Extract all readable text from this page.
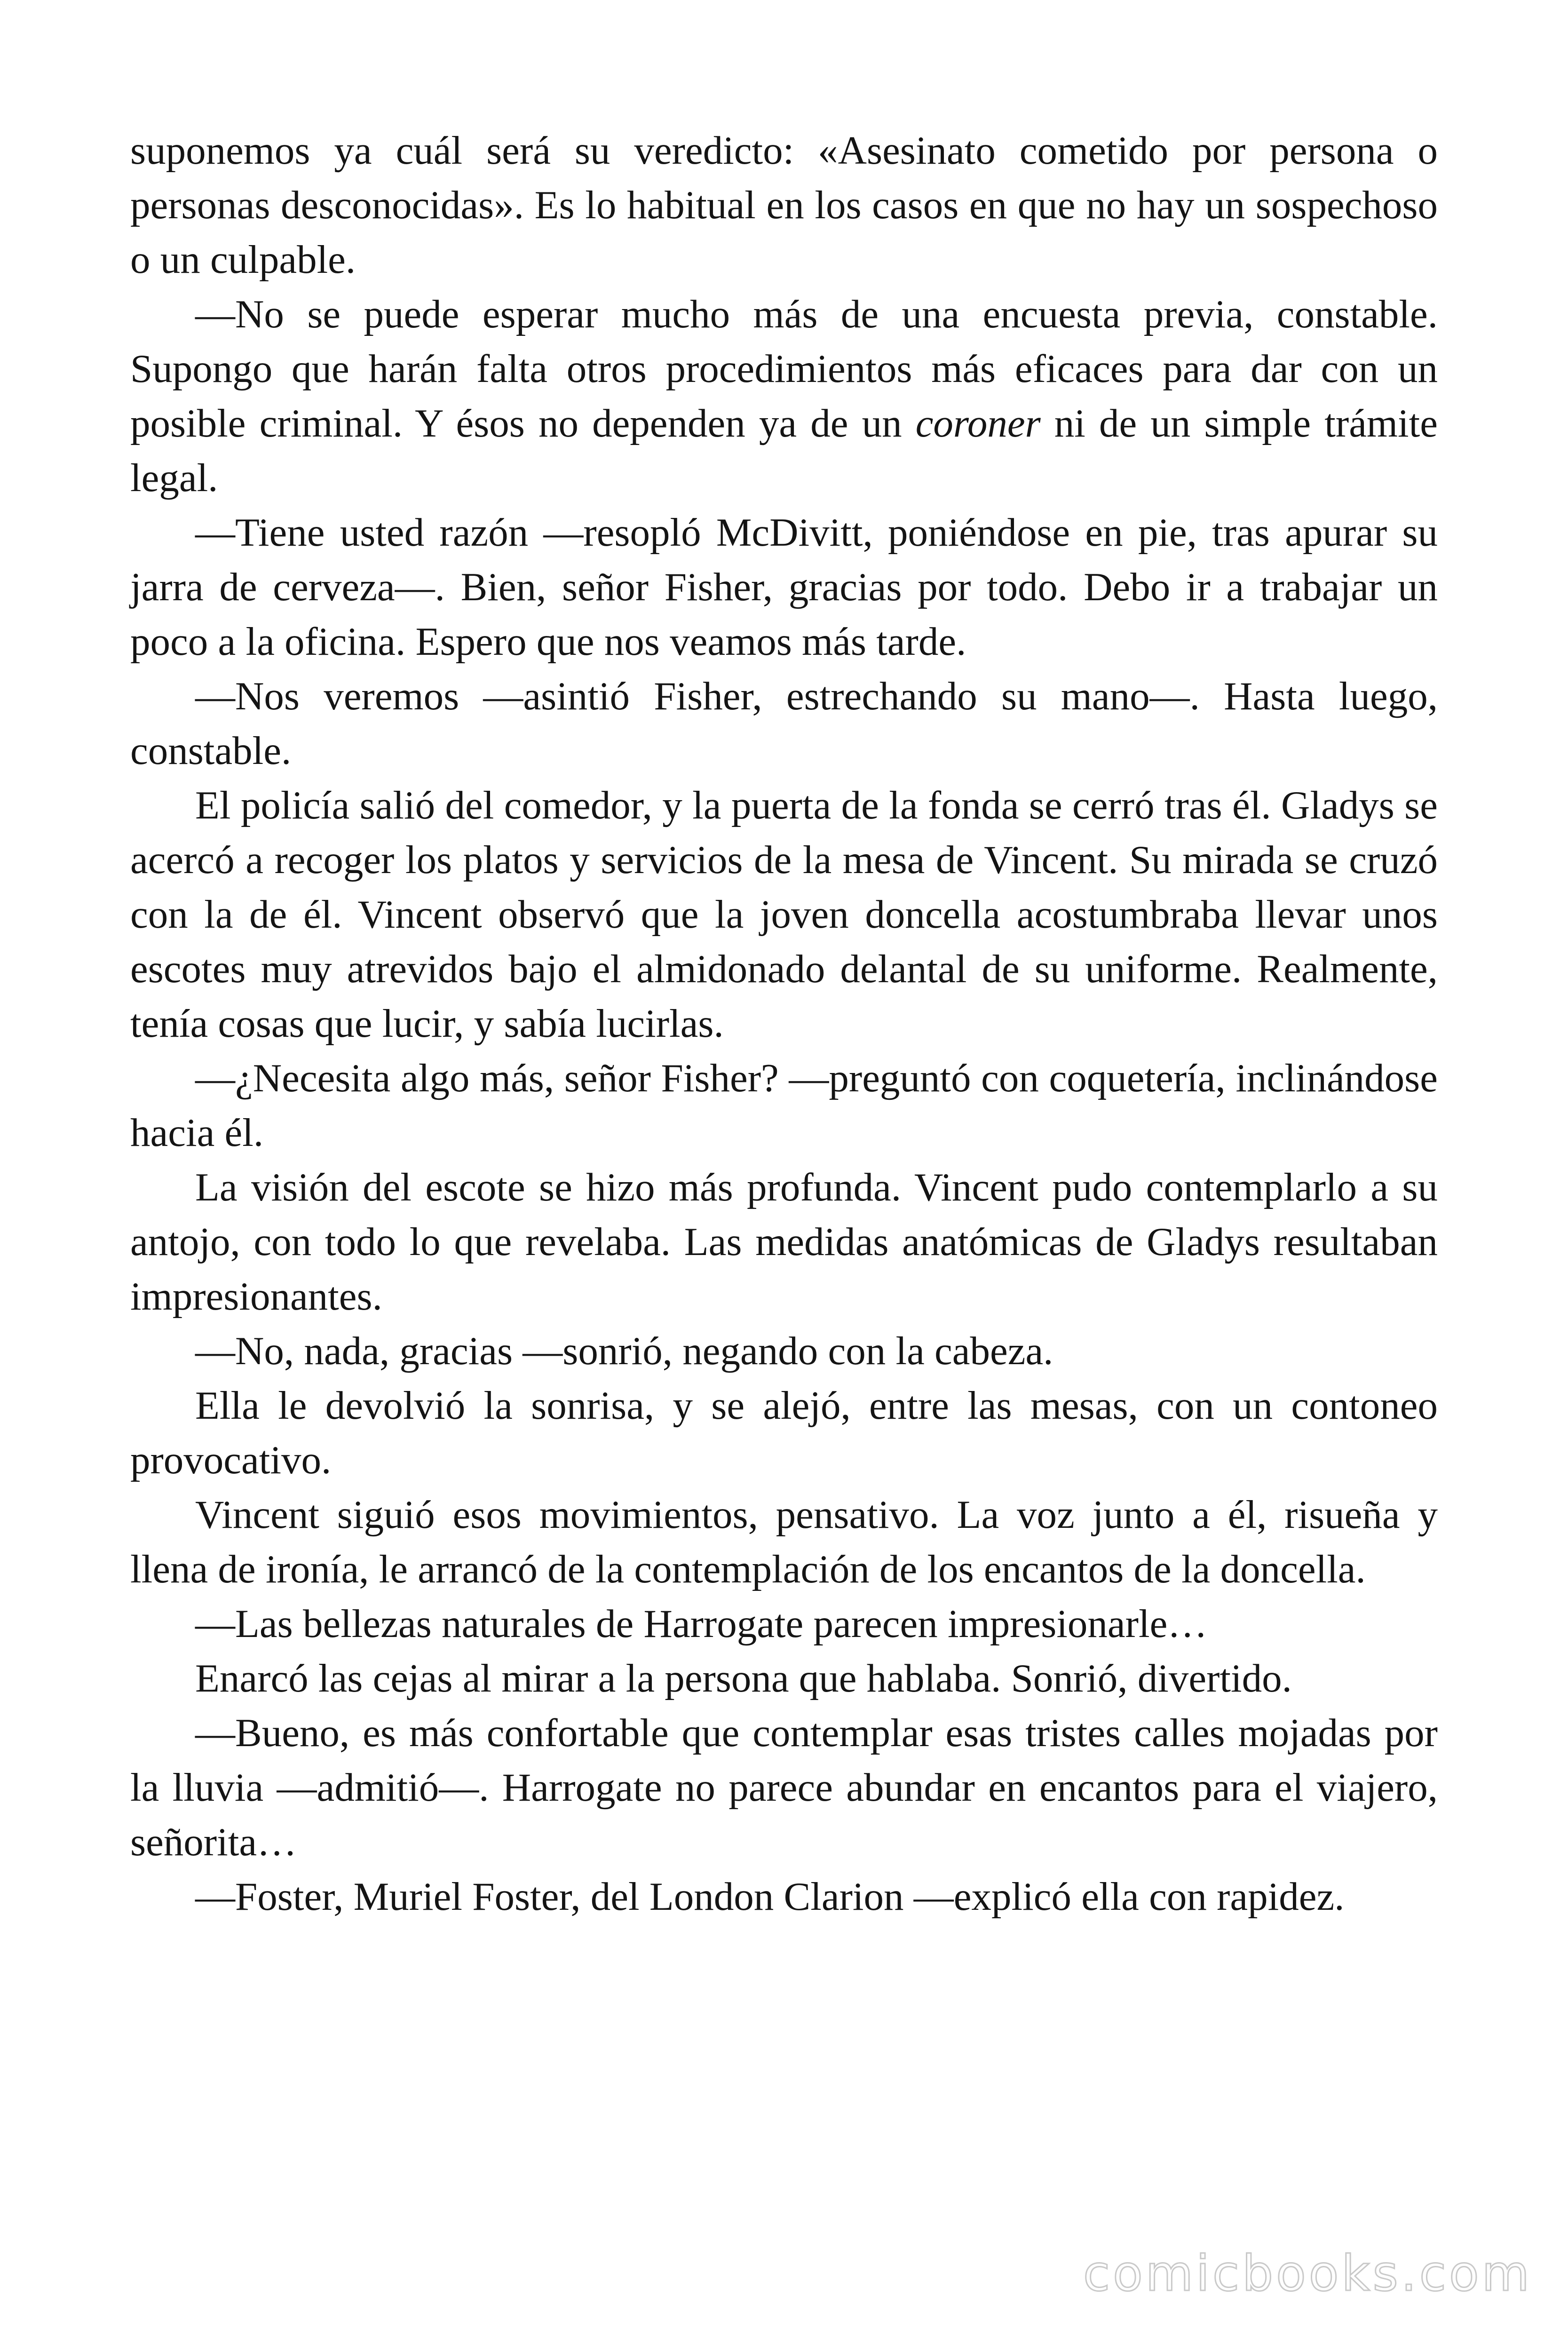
suponemos ya cuál será su veredicto: «Asesinato cometido por persona o personas desconocidas». Es lo habitual en los casos en que no hay un sospechoso o un culpable.

—No se puede esperar mucho más de una encuesta previa, constable. Supongo que harán falta otros procedimientos más eficaces para dar con un posible criminal. Y ésos no dependen ya de un coroner ni de un simple trámite legal.

—Tiene usted razón —resopló McDivitt, poniéndose en pie, tras apurar su jarra de cerveza—. Bien, señor Fisher, gracias por todo. Debo ir a trabajar un poco a la oficina. Espero que nos veamos más tarde.

—Nos veremos —asintió Fisher, estrechando su mano—. Hasta luego, constable.

El policía salió del comedor, y la puerta de la fonda se cerró tras él. Gladys se acercó a recoger los platos y servicios de la mesa de Vincent. Su mirada se cruzó con la de él. Vincent observó que la joven doncella acostumbraba llevar unos escotes muy atrevidos bajo el almidonado delantal de su uniforme. Realmente, tenía cosas que lucir, y sabía lucirlas.

—¿Necesita algo más, señor Fisher? —preguntó con coquetería, inclinándose hacia él.

La visión del escote se hizo más profunda. Vincent pudo contemplarlo a su antojo, con todo lo que revelaba. Las medidas anatómicas de Gladys resultaban impresionantes.

—No, nada, gracias —sonrió, negando con la cabeza.

Ella le devolvió la sonrisa, y se alejó, entre las mesas, con un contoneo provocativo.

Vincent siguió esos movimientos, pensativo. La voz junto a él, risueña y llena de ironía, le arrancó de la contemplación de los encantos de la doncella.

—Las bellezas naturales de Harrogate parecen impresionarle…

Enarcó las cejas al mirar a la persona que hablaba. Sonrió, divertido.

—Bueno, es más confortable que contemplar esas tristes calles mojadas por la lluvia —admitió—. Harrogate no parece abundar en encantos para el viajero, señorita…

—Foster, Muriel Foster, del London Clarion —explicó ella con rapidez.

comicbooks.com
